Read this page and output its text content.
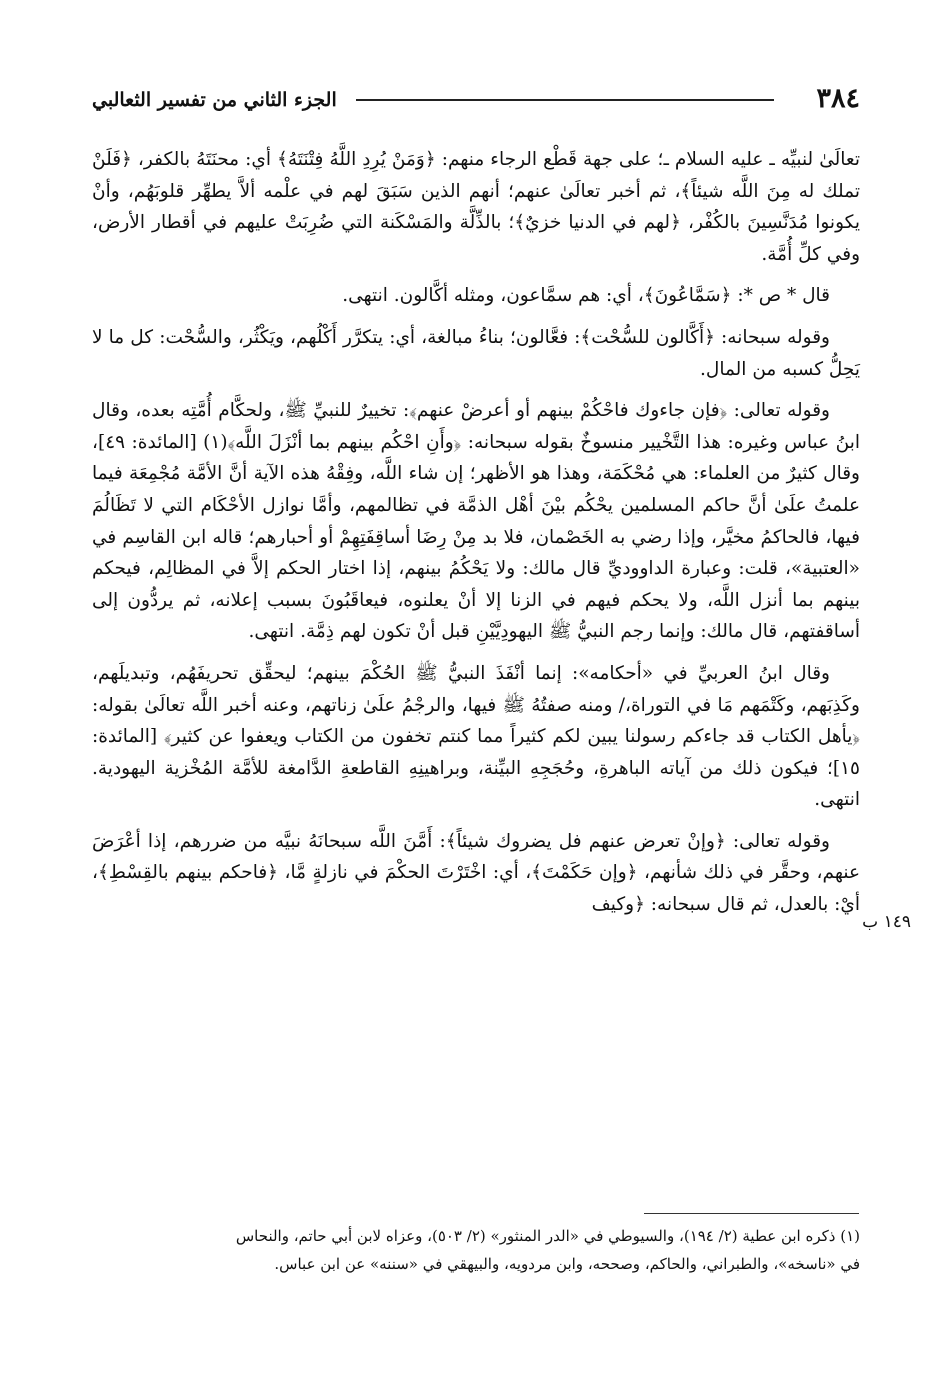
٣٨٤
الجزء الثاني من تفسير الثعالبي

تعالَىٰ لنبيِّه ـ عليه السلام ـ؛ على جهة قَطْع الرجاء منهم: ﴿وَمَنْ يُرِدِ اللَّهُ فِتْنَتَهُ﴾ أي: محنَتَهُ بالكفر، ﴿فَلَنْ تملك له مِنَ اللَّه شيئاً﴾، ثم أخبر تعالَىٰ عنهم؛ أنهم الذين سَبَقَ لهم في علْمه ألاَّ يطهِّر قلوبَهُم، وأنْ يكونوا مُدَنَّسِينَ بالكُفْر، ﴿لهم في الدنيا خزيٌ﴾؛ بالذِّلَّة والمَسْكَنة التي ضُرِبَتْ عليهم في أقطار الأرض، وفي كلِّ أُمَّة.

قال * ص *: ﴿سَمَّاعُونَ﴾، أي: هم سمَّاعون، ومثله أكَّالون. انتهى.

وقوله سبحانه: ﴿أَكَّالون للسُّحْت﴾: فعَّالون؛ بناءُ مبالغة، أي: يتكرَّر أَكْلُهم، ويَكْثُر، والسُّحْت: كل ما لا يَحِلُّ كسبه من المال.

وقوله تعالى: ﴿فإن جاءوك فاحْكُمْ بينهم أو أعرضْ عنهم﴾: تخييرٌ للنبيِّ ﷺ، ولحكَّام أُمَّتِه بعده، وقال ابنُ عباس وغيره: هذا التَّخْيير منسوخٌ بقوله سبحانه: ﴿وأَنِ احْكُم بينهم بما أنْزَلَ اللَّه﴾(١) [المائدة: ٤٩]، وقال كثيرٌ من العلماء: هي مُحْكَمَة، وهذا هو الأظهر؛ إن شاء اللَّه، وفِقْهُ هذه الآية أنَّ الأمَّة مُجْمِعَة فيما علمتُ علَىٰ أنَّ حاكم المسلمين يحْكُم بيْنَ أهْل الذمَّة في تظالمهم، وأمَّا نوازل الأحْكَام التي لا تَظَالُمَ فيها، فالحاكمُ مخيَّر، وإذا رضي به الخَصْمان، فلا بد مِنْ رِضَا أساقِفَتِهِمْ أو أحبارهم؛ قاله ابن القاسِم في «العتبية»، قلت: وعبارة الداووديِّ قال مالك: ولا يَحْكُمُ بينهم، إذا اختار الحكم إلاَّ في المظالِم، فيحكم بينهم بما أنزل اللَّه، ولا يحكم فيهم في الزنا إلا أنْ يعلنوه، فيعاقَبُونَ بسبب إعلانه، ثم يردُّون إلى أساقفتهم، قال مالك: وإنما رجم النبيُّ ﷺ اليهودِيَّيْنِ قبل أنْ تكون لهم ذِمَّة. انتهى.

وقال ابنُ العربيِّ في «أحكامه»: إنما أنْفَذَ النبيُّ ﷺ الحُكْمَ بينهم؛ ليحقِّق تحريفَهُم، وتبديلَهم، وكَذِبَهم، وكَتْمَهم مَا في التوراة،/ ومنه صفتُهُ ﷺ فيها، والرجْمُ علَىٰ زناتهم، وعنه أخبر اللَّه تعالَىٰ بقوله: ﴿يأهل الكتاب قد جاءكم رسولنا يبين لكم كثيراً مما كنتم تخفون من الكتاب ويعفوا عن كثير﴾ [المائدة: ١٥]؛ فيكون ذلك من آياته الباهرةِ، وحُجَجِهِ البيِّنة، وبراهينِهِ القاطعةِ الدَّامغة للأمَّة المُخْزية اليهودية. انتهى.

وقوله تعالى: ﴿وإنْ تعرض عنهم فل يضروك شيئاً﴾: أَمَّنَ اللَّه سبحانَهُ نبيَّه من ضررهم، إذا أعْرَضَ عنهم، وحقَّر في ذلك شأنهم، ﴿وإن حَكَمْتَ﴾، أي: اخْتَرْتَ الحكْمَ في نازلةٍ مَّا، ﴿فاحكم بينهم بالقِسْطِ﴾، أيْ: بالعدل، ثم قال سبحانه: ﴿وكيف

١٤٩ ب

(١) ذكره ابن عطية (٢/ ١٩٤)، والسيوطي في «الدر المنثور» (٢/ ٥٠٣)، وعزاه لابن أبي حاتم، والنحاس

في «ناسخه»، والطبراني، والحاكم، وصححه، وابن مردويه، والبيهقي في «سننه» عن ابن عباس.
